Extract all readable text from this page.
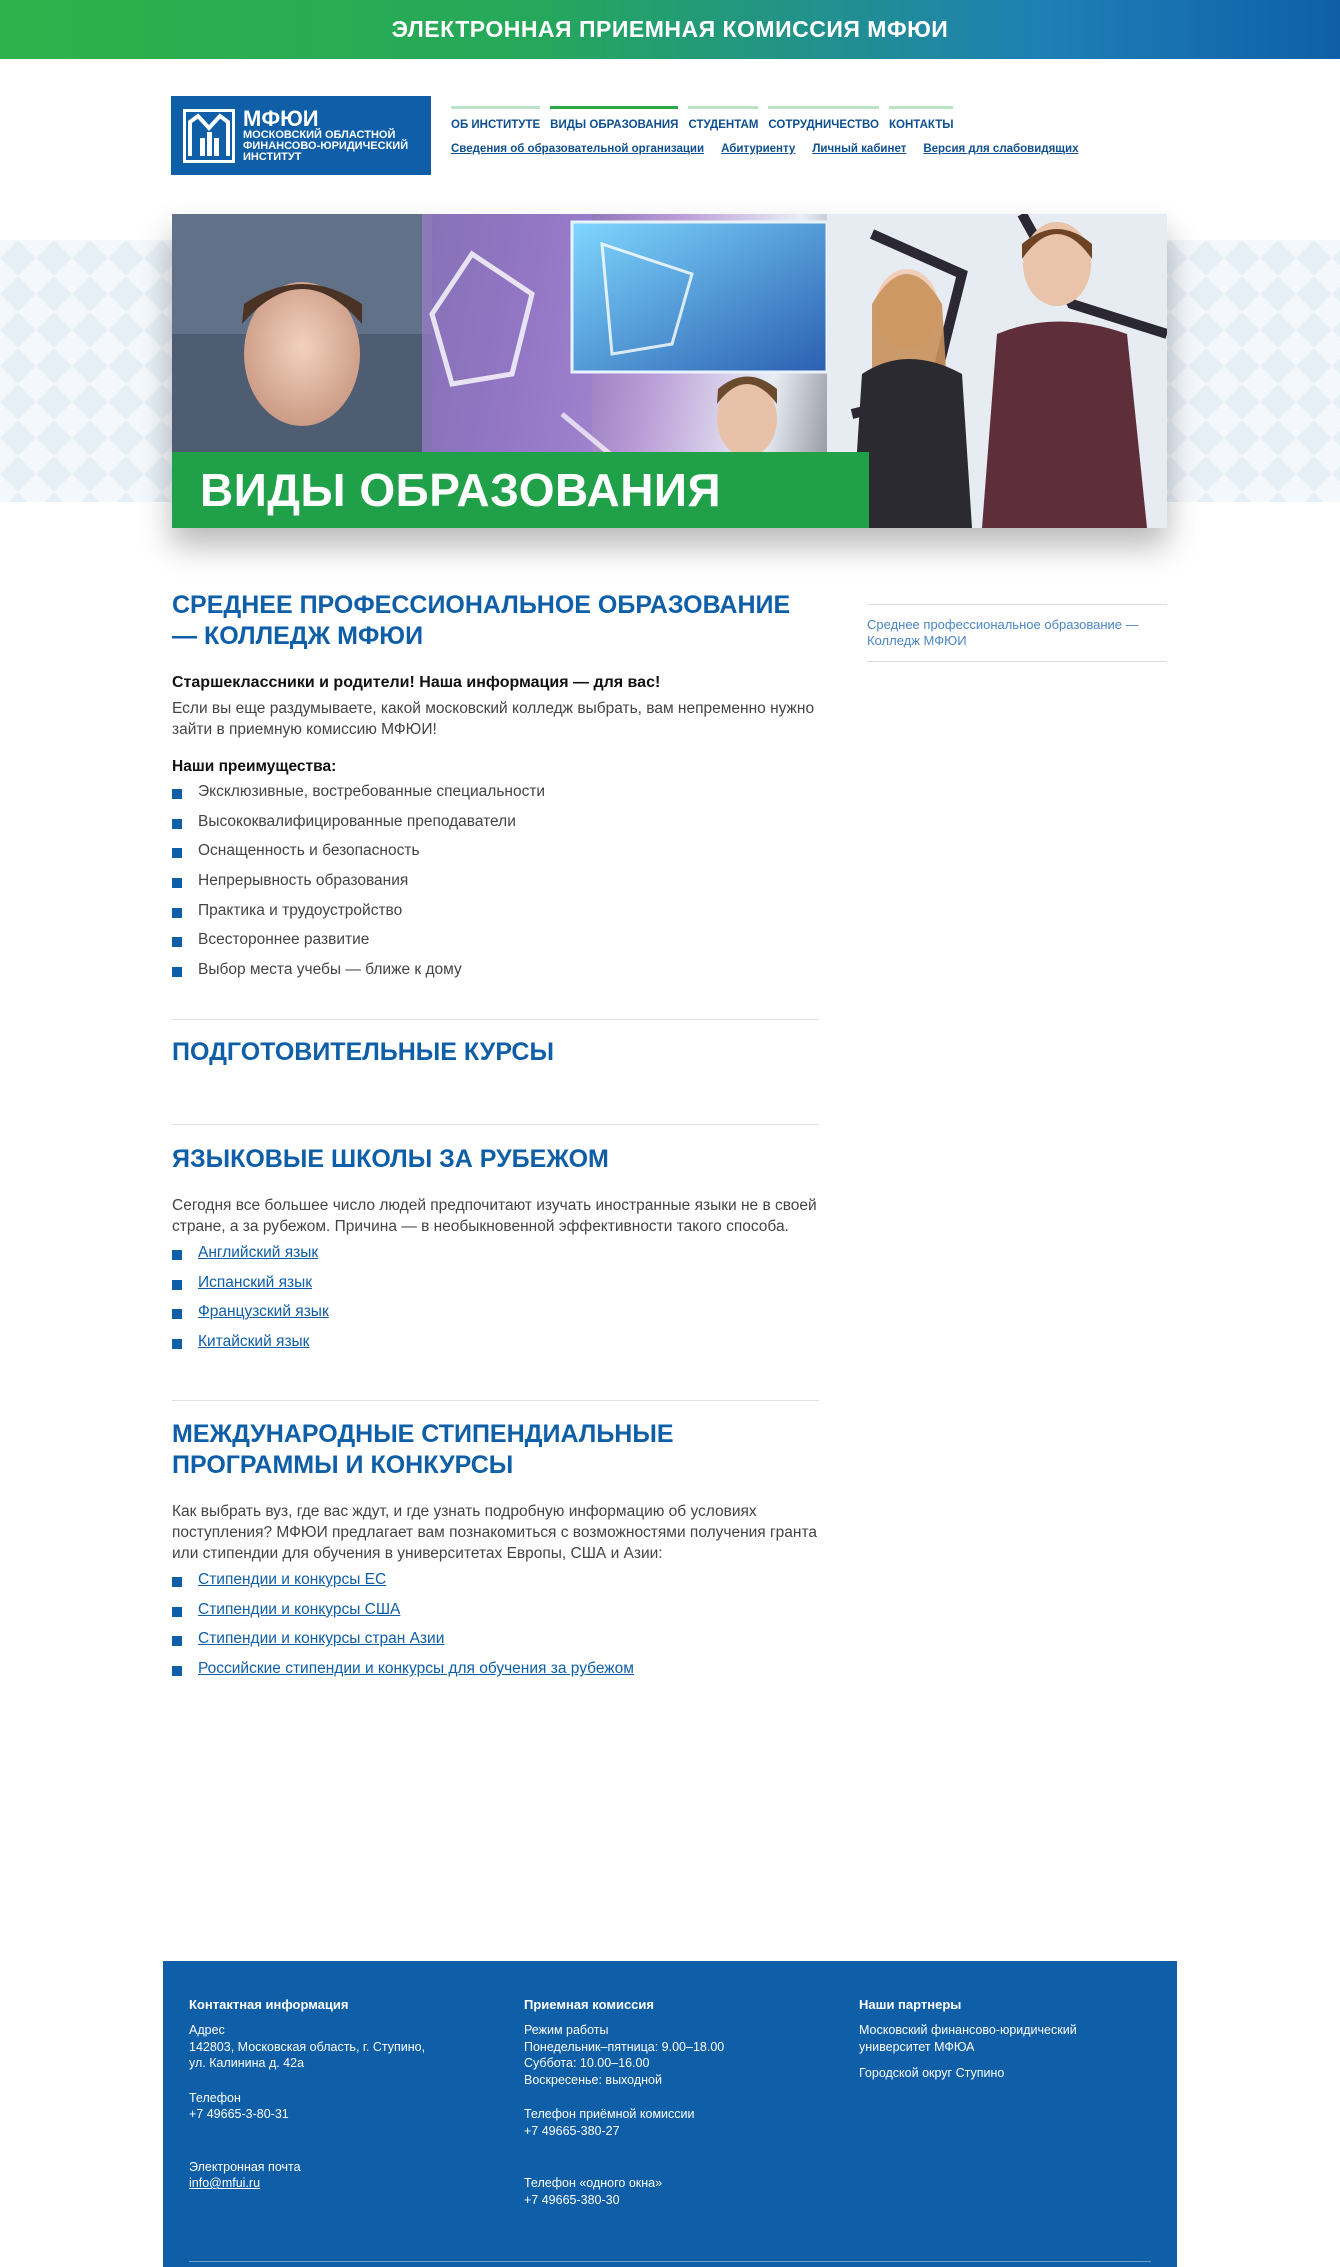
ЭЛЕКТРОННАЯ ПРИЕМНАЯ КОМИССИЯ МФЮИ
МФЮИ
МОСКОВСКИЙ ОБЛАСТНОЙ
ФИНАНСОВО-ЮРИДИЧЕСКИЙ
ИНСТИТУТ
ОБ ИНСТИТУТЕ ВИДЫ ОБРАЗОВАНИЯ СТУДЕНТАМ СОТРУДНИЧЕСТВО КОНТАКТЫ
Сведения об образовательной организации Абитуриенту Личный кабинет Версия для слабовидящих
ВИДЫ ОБРАЗОВАНИЯ
СРЕДНЕЕ ПРОФЕССИОНАЛЬНОЕ ОБРАЗОВАНИЕ — КОЛЛЕДЖ МФЮИ

Старшеклассники и родители! Наша информация — для вас!

Если вы еще раздумываете, какой московский колледж выбрать, вам непременно нужно зайти в приемную комиссию МФЮИ!

Наши преимущества:

Эксклюзивные, востребованные специальности
Высококвалифицированные преподаватели
Оснащенность и безопасность
Непрерывность образования
Практика и трудоустройство
Всестороннее развитие
Выбор места учебы — ближе к дому
ПОДГОТОВИТЕЛЬНЫЕ КУРСЫ
ЯЗЫКОВЫЕ ШКОЛЫ ЗА РУБЕЖОМ

Сегодня все большее число людей предпочитают изучать иностранные языки не в своей стране, а за рубежом. Причина — в необыкновенной эффективности такого способа.

Английский язык
Испанский язык
Французский язык
Китайский язык
МЕЖДУНАРОДНЫЕ СТИПЕНДИАЛЬНЫЕ ПРОГРАММЫ И КОНКУРСЫ

Как выбрать вуз, где вас ждут, и где узнать подробную информацию об условиях поступления? МФЮИ предлагает вам познакомиться с возможностями получения гранта или стипендии для обучения в университетах Европы, США и Азии:

Стипендии и конкурсы ЕС
Стипендии и конкурсы США
Стипендии и конкурсы стран Азии
Российские стипендии и конкурсы для обучения за рубежом
Среднее профессиональное образование — Колледж МФЮИ
Контактная информация
Адрес
142803, Московская область, г. Ступино,
ул. Калинина д. 42а
Телефон
+7 49665-3-80-31
Электронная почта
info@mfui.ru
Приемная комиссия
Режим работы
Понедельник–пятница: 9.00–18.00
Суббота: 10.00–16.00
Воскресенье: выходной
Телефон приёмной комиссии
+7 49665-380-27
Телефон «одного окна»
+7 49665-380-30
Наши партнеры
Московский финансово-юридический
университет МФЮА
Городской округ Ступино
